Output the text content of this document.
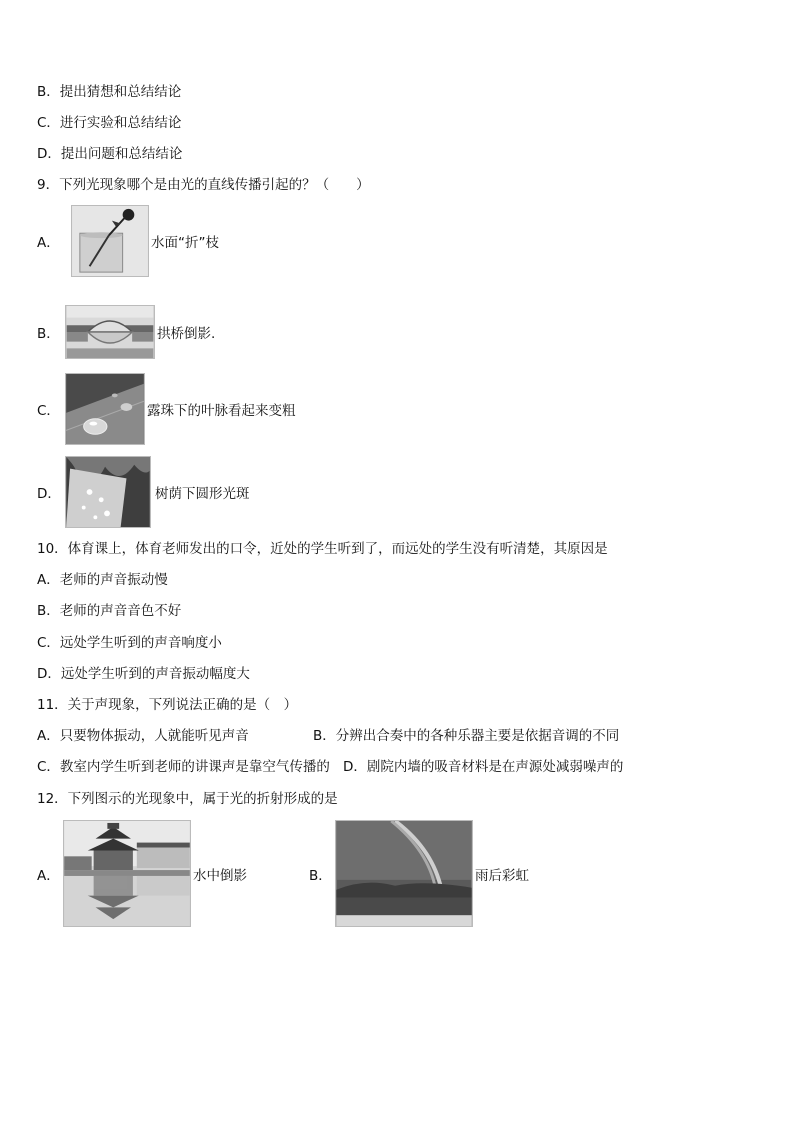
B．提出猜想和总结结论
C．进行实验和总结结论
D．提出问题和总结结论
9．下列光现象哪个是由光的直线传播引起的？（　　）
A．	水面“折”枝
B．	拱桥倒影.
C．	露珠下的叶脉看起来变粗
D．	树荫下圆形光斑
10．体育课上，体育老师发出的口令，近处的学生听到了，而远处的学生没有听清楚，其原因是
A．老师的声音振动慢
B．老师的声音音色不好
C．远处学生听到的声音响度小
D．远处学生听到的声音振动幅度大
11．关于声现象，下列说法正确的是（　）
A．只要物体振动，人就能听见声音	B．分辨出合奏中的各种乐器主要是依据音调的不同
C．教室内学生听到老师的讲课声是靠空气传播的 D．剧院内墙的吸音材料是在声源处减弱噪声的
12．下列图示的光现象中，属于光的折射形成的是
A．	水中倒影	B．	雨后彩虹
